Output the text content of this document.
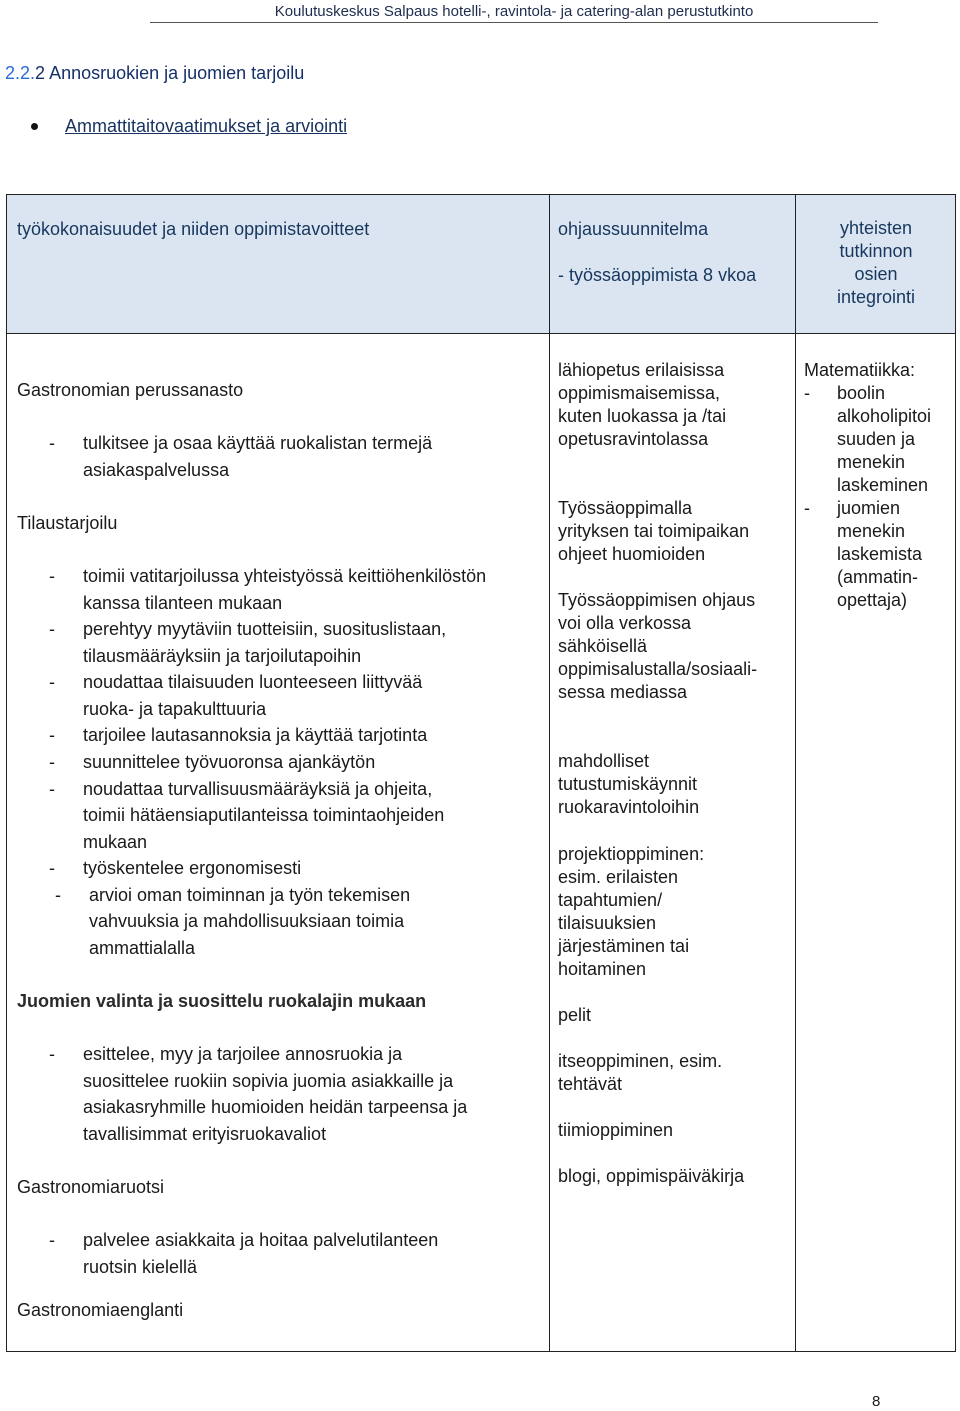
Koulutuskeskus Salpaus hotelli-, ravintola- ja catering-alan perustutkinto
2.2.2 Annosruokien ja juomien tarjoilu
Ammattitaitovaatimukset ja arviointi
työkokonaisuudet ja niiden oppimistavoitteet	ohjaussuunnitelma
- työssäoppimista 8 vkoa
yhteisten
tutkinnon
osien
integrointi
Gastronomian perussanasto
- tulkitsee ja osaa käyttää ruokalistan termejä
asiakaspalvelussa
Tilaustarjoilu
- toimii vatitarjoilussa yhteistyössä keittiöhenkilöstön
kanssa tilanteen mukaan
- perehtyy myytäviin tuotteisiin, suosituslistaan,
tilausmääräyksiin ja tarjoilutapoihin
- noudattaa tilaisuuden luonteeseen liittyvää
ruoka- ja tapakulttuuria
- tarjoilee lautasannoksia ja käyttää tarjotinta
- suunnittelee työvuoronsa ajankäytön
- noudattaa turvallisuusmääräyksiä ja ohjeita,
toimii hätäensiaputilanteissa toimintaohjeiden
mukaan
- työskentelee ergonomisesti
- arvioi oman toiminnan ja työn tekemisen
vahvuuksia ja mahdollisuuksiaan toimia
ammattialalla
Juomien valinta ja suosittelu ruokalajin mukaan
- esittelee, myy ja tarjoilee annosruokia ja
suosittelee ruokiin sopivia juomia asiakkaille ja
asiakasryhmille huomioiden heidän tarpeensa ja
tavallisimmat erityisruokavaliot
Gastronomiaruotsi
- palvelee asiakkaita ja hoitaa palvelutilanteen
ruotsin kielellä
Gastronomiaenglanti
lähiopetus erilaisissa
oppimismaisemissa,
kuten luokassa ja /tai
opetusravintolassa
Työssäoppimalla
yrityksen tai toimipaikan
ohjeet huomioiden
Työssäoppimisen ohjaus
voi olla verkossa
sähköisellä
oppimisalustalla/sosiaali-
sessa mediassa
mahdolliset
tutustumiskäynnit
ruokaravintoloihin
projektioppiminen:
esim. erilaisten
tapahtumien/
tilaisuuksien
järjestäminen tai
hoitaminen
pelit
itseoppiminen, esim.
tehtävät
tiimioppiminen
blogi, oppimispäiväkirja
Matematiikka:
- boolin
alkoholipitoi
suuden ja
menekin
laskeminen
- juomien
menekin
laskemista
(ammatin-
opettaja)
8
